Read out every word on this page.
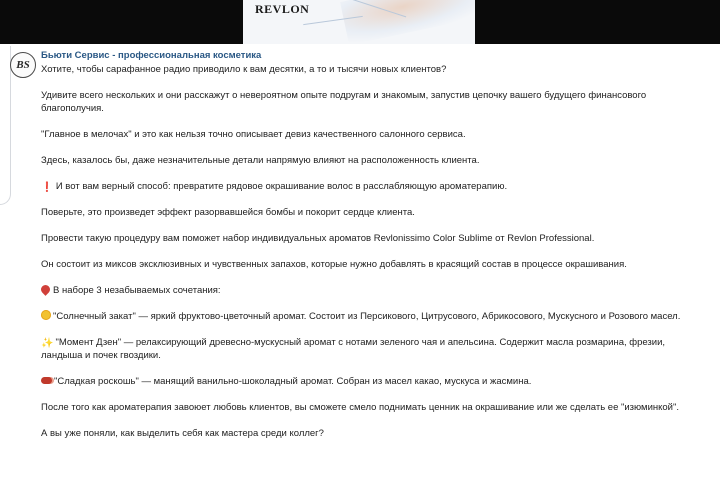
REVLON
ВS
Бьюти Сервис - профессиональная косметика

Хотите, чтобы сарафанное радио приводило к вам десятки, а то и тысячи новых клиентов?

Удивите всего нескольких и они расскажут о невероятном опыте подругам и знакомым, запустив цепочку вашего будущего финансового благополучия.

"Главное в мелочах" и это как нельзя точно описывает девиз качественного салонного сервиса.

Здесь, казалось бы, даже незначительные детали напрямую влияют на расположенность клиента.

❗ И вот вам верный способ: превратите рядовое окрашивание волос в расслабляющую ароматерапию.

Поверьте, это произведет эффект разорвавшейся бомбы и покорит сердце клиента.

Провести такую процедуру вам поможет набор индивидуальных ароматов Revlonissimo Color Sublime от Revlon Professional.

Он состоит из миксов эксклюзивных и чувственных запахов, которые нужно добавлять в красящий состав в процессе окрашивания.

В наборе 3 незабываемых сочетания:

"Солнечный закат" — яркий фруктово-цветочный аромат. Состоит из Персикового, Цитрусового, Абрикосового, Мускусного и Розового масел.

✨ "Момент Дзен" — релаксирующий древесно-мускусный аромат с нотами зеленого чая и апельсина. Содержит масла розмарина, фрезии, ландыша и почек гвоздики.

"Сладкая роскошь" — манящий ванильно-шоколадный аромат. Собран из масел какао, мускуса и жасмина.

После того как ароматерапия завоюет любовь клиентов, вы сможете смело поднимать ценник на окрашивание или же сделать ее "изюминкой".

А вы уже поняли, как выделить себя как мастера среди коллег?
